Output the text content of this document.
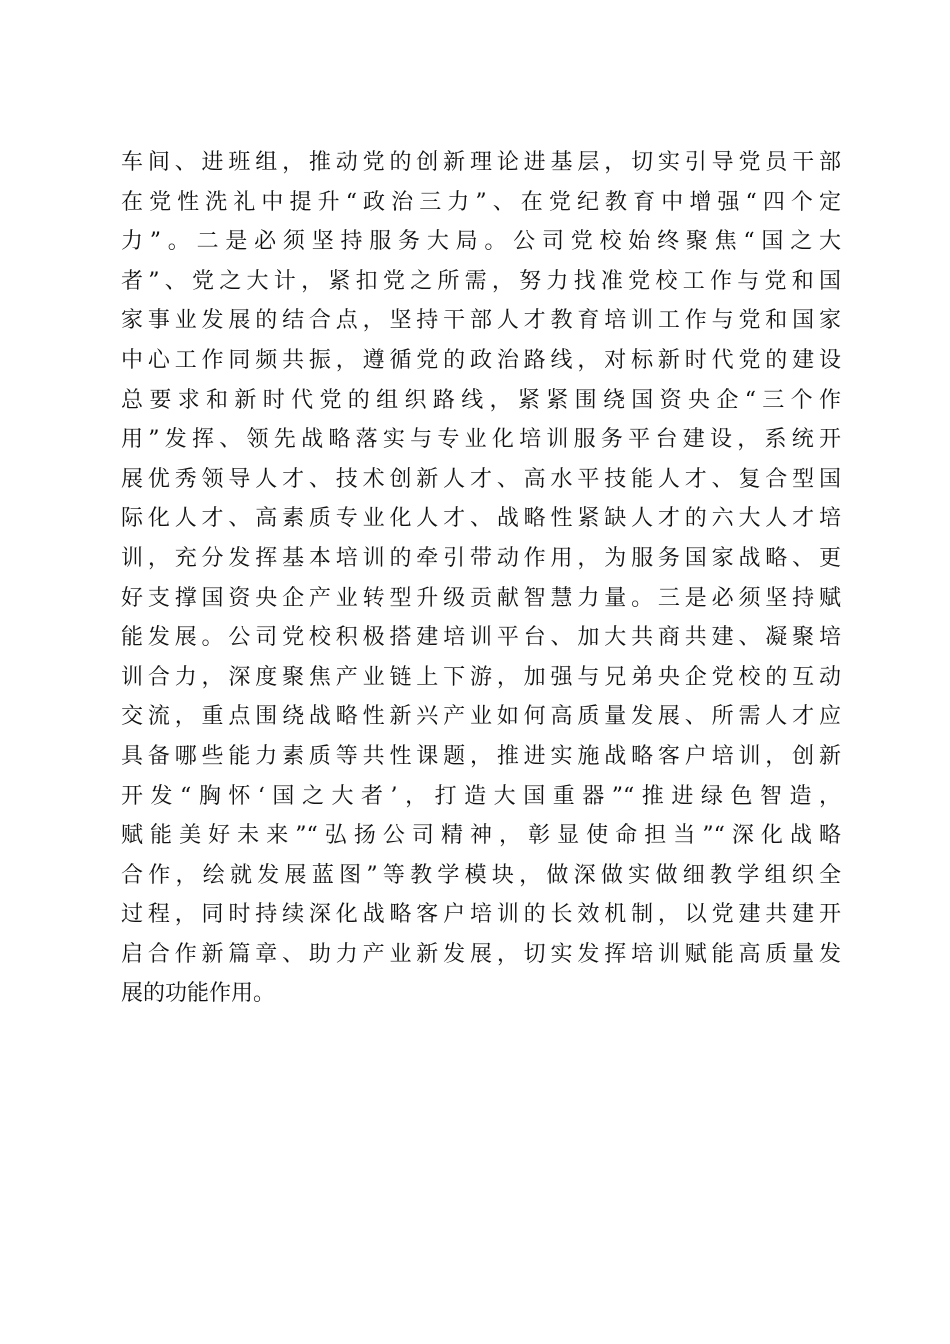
车间、进班组，推动党的创新理论进基层，切实引导党员干部
在党性洗礼中提升“政治三力”、在党纪教育中增强“四个定
力”。二是必须坚持服务大局。公司党校始终聚焦“国之大
者”、党之大计，紧扣党之所需，努力找准党校工作与党和国
家事业发展的结合点，坚持干部人才教育培训工作与党和国家
中心工作同频共振，遵循党的政治路线，对标新时代党的建设
总要求和新时代党的组织路线，紧紧围绕国资央企“三个作
用”发挥、领先战略落实与专业化培训服务平台建设，系统开
展优秀领导人才、技术创新人才、高水平技能人才、复合型国
际化人才、高素质专业化人才、战略性紧缺人才的六大人才培
训，充分发挥基本培训的牵引带动作用，为服务国家战略、更
好支撑国资央企产业转型升级贡献智慧力量。三是必须坚持赋
能发展。公司党校积极搭建培训平台、加大共商共建、凝聚培
训合力，深度聚焦产业链上下游，加强与兄弟央企党校的互动
交流，重点围绕战略性新兴产业如何高质量发展、所需人才应
具备哪些能力素质等共性课题，推进实施战略客户培训，创新
开发“胸怀‘国之大者’，打造大国重器”“推进绿色智造，
赋能美好未来”“弘扬公司精神，彰显使命担当”“深化战略
合作，绘就发展蓝图”等教学模块，做深做实做细教学组织全
过程，同时持续深化战略客户培训的长效机制，以党建共建开
启合作新篇章、助力产业新发展，切实发挥培训赋能高质量发
展的功能作用。
